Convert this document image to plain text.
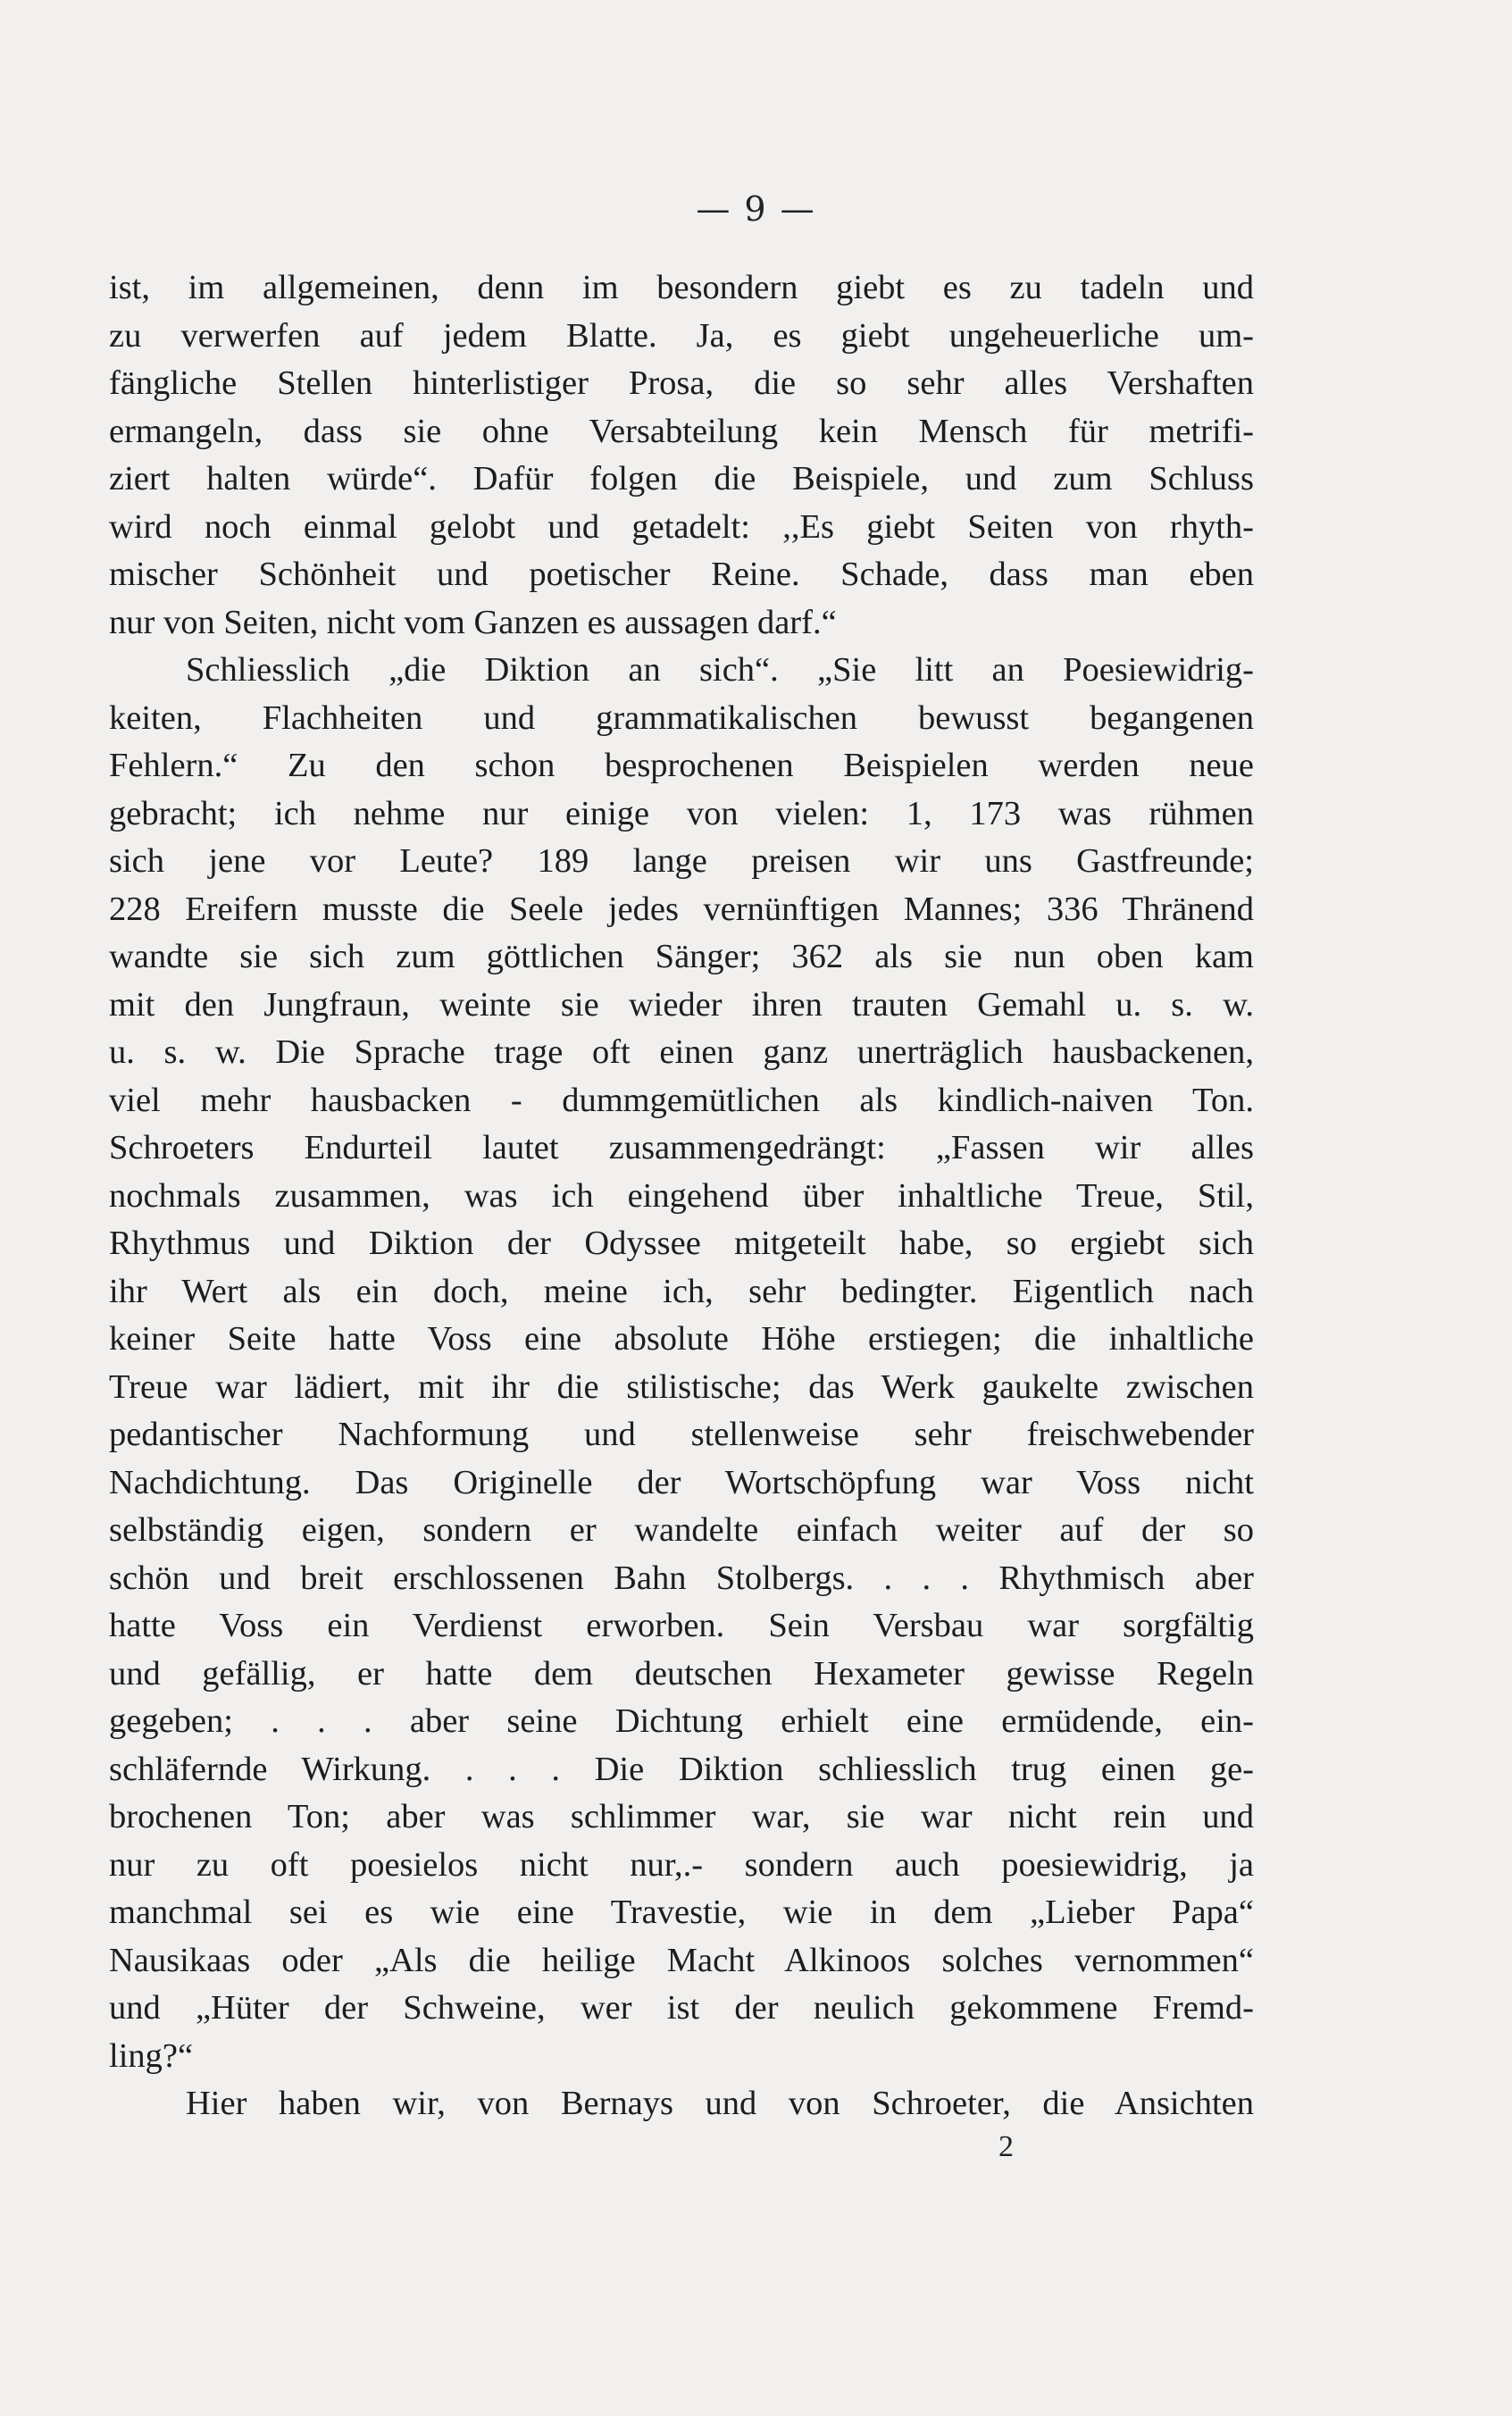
— 9 —
ist, im allgemeinen, denn im besondern giebt es zu tadeln und
zu verwerfen auf jedem Blatte. Ja, es giebt ungeheuerliche um-
fängliche Stellen hinterlistiger Prosa, die so sehr alles Vershaften
ermangeln, dass sie ohne Versabteilung kein Mensch für metrifi-
ziert halten würde“. Dafür folgen die Beispiele, und zum Schluss
wird noch einmal gelobt und getadelt: ,,Es giebt Seiten von rhyth-
mischer Schönheit und poetischer Reine. Schade, dass man eben
nur von Seiten, nicht vom Ganzen es aussagen darf.“
Schliesslich „die Diktion an sich“. „Sie litt an Poesiewidrig-
keiten, Flachheiten und grammatikalischen bewusst begangenen
Fehlern.“ Zu den schon besprochenen Beispielen werden neue
gebracht; ich nehme nur einige von vielen: 1, 173 was rühmen
sich jene vor Leute? 189 lange preisen wir uns Gastfreunde;
228 Ereifern musste die Seele jedes vernünftigen Mannes; 336 Thränend
wandte sie sich zum göttlichen Sänger; 362 als sie nun oben kam
mit den Jungfraun, weinte sie wieder ihren trauten Gemahl u. s. w.
u. s. w. Die Sprache trage oft einen ganz unerträglich hausbackenen,
viel mehr hausbacken - dummgemütlichen als kindlich-naiven Ton.
Schroeters Endurteil lautet zusammengedrängt: „Fassen wir alles
nochmals zusammen, was ich eingehend über inhaltliche Treue, Stil,
Rhythmus und Diktion der Odyssee mitgeteilt habe, so ergiebt sich
ihr Wert als ein doch, meine ich, sehr bedingter. Eigentlich nach
keiner Seite hatte Voss eine absolute Höhe erstiegen; die inhaltliche
Treue war lädiert, mit ihr die stilistische; das Werk gaukelte zwischen
pedantischer Nachformung und stellenweise sehr freischwebender
Nachdichtung. Das Originelle der Wortschöpfung war Voss nicht
selbständig eigen, sondern er wandelte einfach weiter auf der so
schön und breit erschlossenen Bahn Stolbergs. . . . Rhythmisch aber
hatte Voss ein Verdienst erworben. Sein Versbau war sorgfältig
und gefällig, er hatte dem deutschen Hexameter gewisse Regeln
gegeben; . . . aber seine Dichtung erhielt eine ermüdende, ein-
schläfernde Wirkung. . . . Die Diktion schliesslich trug einen ge-
brochenen Ton; aber was schlimmer war, sie war nicht rein und
nur zu oft poesielos nicht nur,.- sondern auch poesiewidrig, ja
manchmal sei es wie eine Travestie, wie in dem „Lieber Papa“
Nausikaas oder „Als die heilige Macht Alkinoos solches vernommen“
und „Hüter der Schweine, wer ist der neulich gekommene Fremd-
ling?“
Hier haben wir, von Bernays und von Schroeter, die Ansichten
2
